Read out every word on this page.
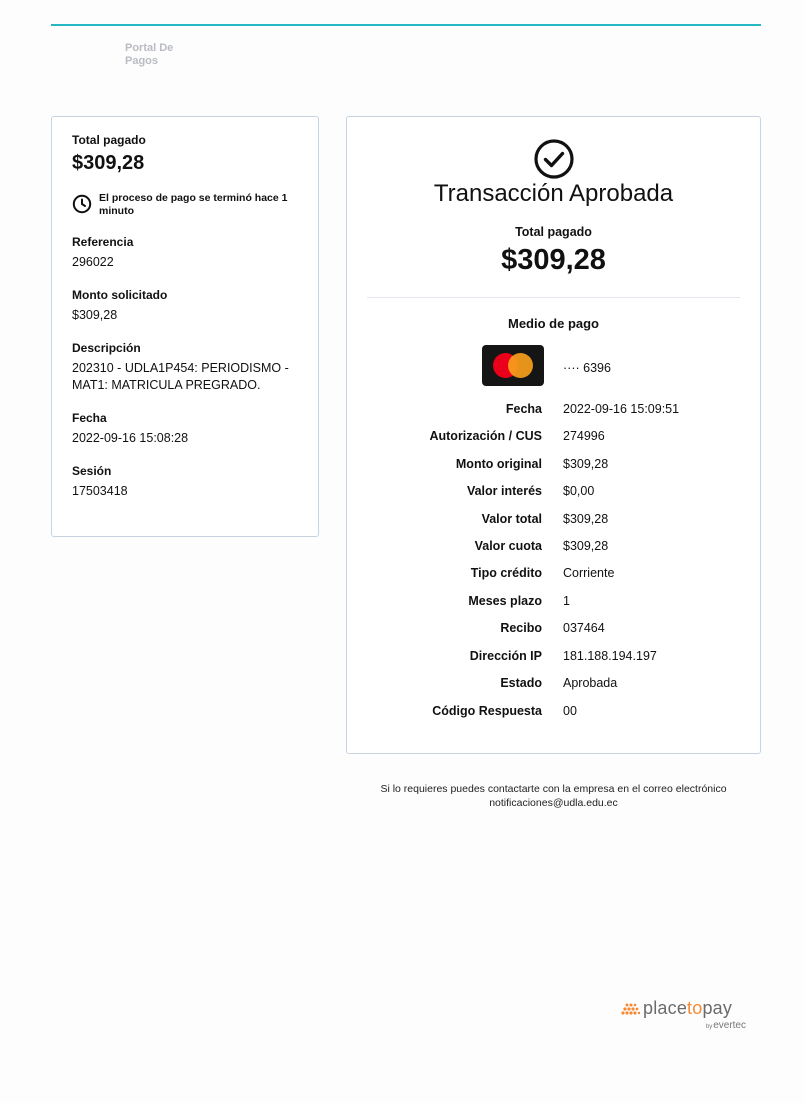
Portal De Pagos
Total pagado
$309,28
El proceso de pago se terminó hace 1 minuto
Referencia
296022
Monto solicitado
$309,28
Descripción
202310 - UDLA1P454: PERIODISMO - MAT1: MATRICULA PREGRADO.
Fecha
2022-09-16 15:08:28
Sesión
17503418
Transacción Aprobada
Total pagado
$309,28
Medio de pago
···· 6396
Fecha 2022-09-16 15:09:51
Autorización / CUS 274996
Monto original $309,28
Valor interés $0,00
Valor total $309,28
Valor cuota $309,28
Tipo crédito Corriente
Meses plazo 1
Recibo 037464
Dirección IP 181.188.194.197
Estado Aprobada
Código Respuesta 00
Si lo requieres puedes contactarte con la empresa en el correo electrónico
notificaciones@udla.edu.ec
placetopay
byevertec
